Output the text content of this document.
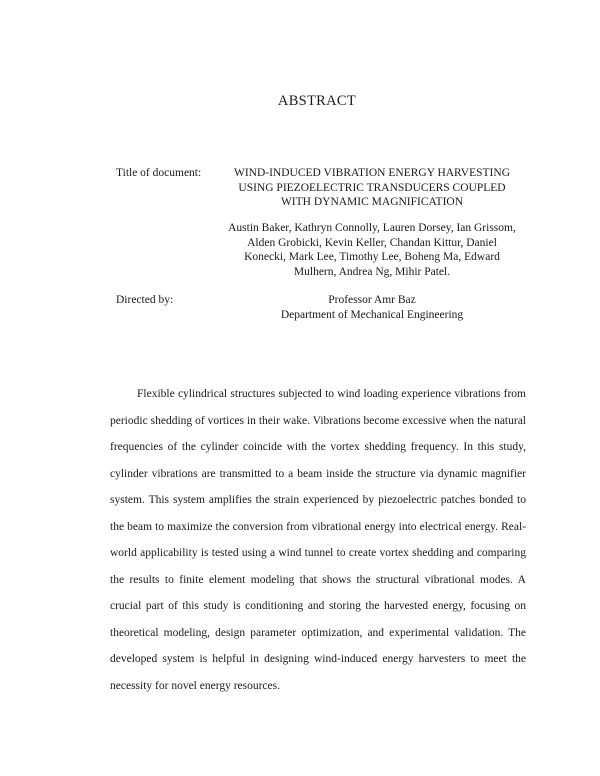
ABSTRACT
Title of document:	WIND-INDUCED VIBRATION ENERGY HARVESTING
USING PIEZOELECTRIC TRANSDUCERS COUPLED
WITH DYNAMIC MAGNIFICATION
Austin Baker, Kathryn Connolly, Lauren Dorsey, Ian Grissom,
Alden Grobicki, Kevin Keller, Chandan Kittur, Daniel
Konecki, Mark Lee, Timothy Lee, Boheng Ma, Edward
Mulhern, Andrea Ng, Mihir Patel.
Directed by:	Professor Amr Baz
Department of Mechanical Engineering
Flexible cylindrical structures subjected to wind loading experience vibrations from
periodic shedding of vortices in their wake. Vibrations become excessive when the natural
frequencies of the cylinder coincide with the vortex shedding frequency. In this study,
cylinder vibrations are transmitted to a beam inside the structure via dynamic magnifier
system. This system amplifies the strain experienced by piezoelectric patches bonded to
the beam to maximize the conversion from vibrational energy into electrical energy. Real-
world applicability is tested using a wind tunnel to create vortex shedding and comparing
the results to finite element modeling that shows the structural vibrational modes. A
crucial part of this study is conditioning and storing the harvested energy, focusing on
theoretical modeling, design parameter optimization, and experimental validation. The
developed system is helpful in designing wind-induced energy harvesters to meet the
necessity for novel energy resources.
